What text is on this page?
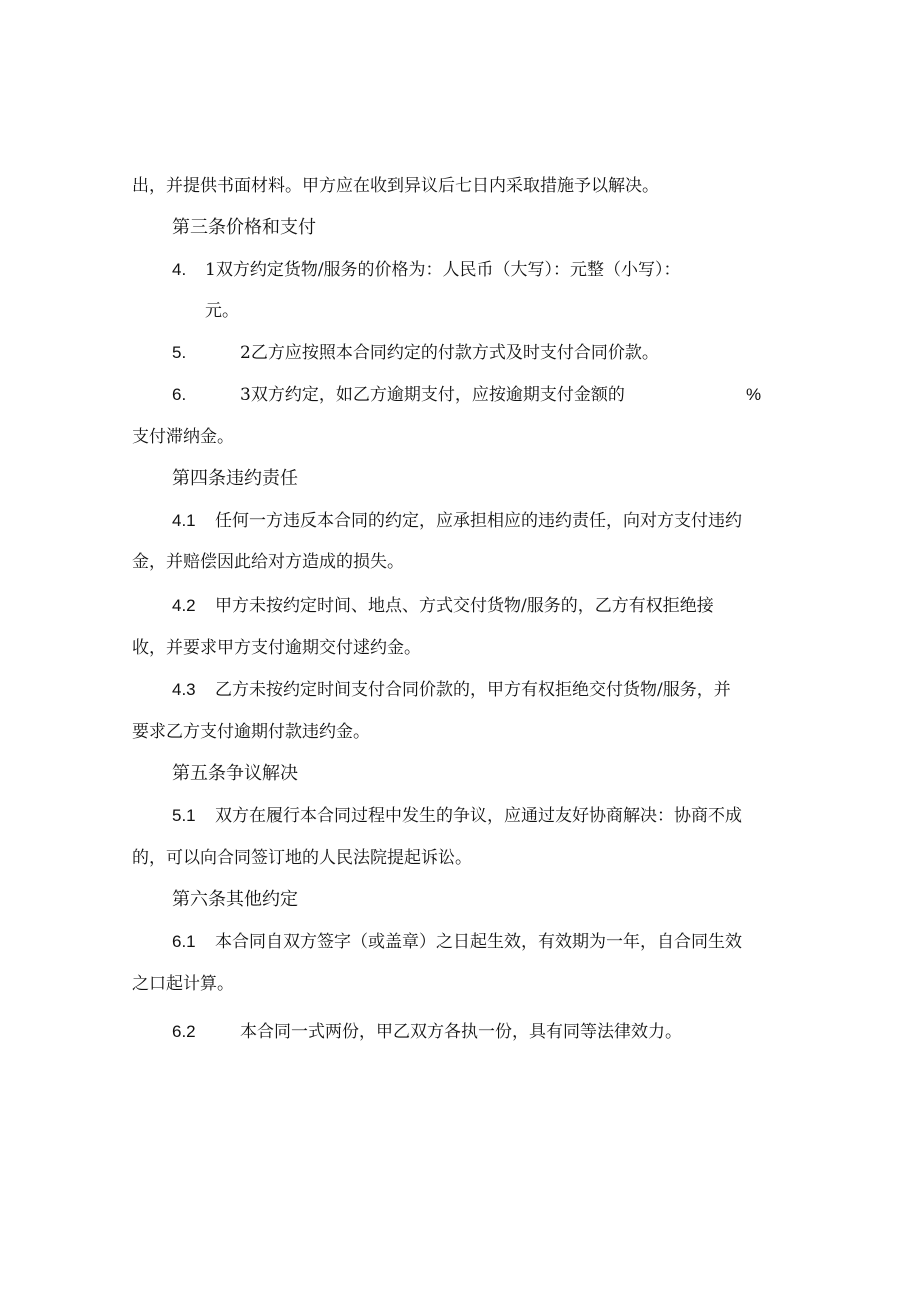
出，并提供书面材料。甲方应在收到异议后七日内采取措施予以解决。
第三条价格和支付
4. 1双方约定货物/服务的价格为：人民币（大写）：元整（小写）：
元。
5.	2乙方应按照本合同约定的付款方式及时支付合同价款。
6.	3双方约定，如乙方逾期支付，应按逾期支付金额的	%
支付滞纳金。
第四条违约责任
4.1 任何一方违反本合同的约定，应承担相应的违约责任，向对方支付违约
金，并赔偿因此给对方造成的损失。
4.2 甲方未按约定时间、地点、方式交付货物/服务的，乙方有权拒绝接
收，并要求甲方支付逾期交付逑约金。
4.3 乙方未按约定时间支付合同价款的，甲方有权拒绝交付货物/服务，并
要求乙方支付逾期付款违约金。
第五条争议解决
5.1 双方在履行本合同过程中发生的争议，应通过友好协商解决：协商不成
的，可以向合同签订地的人民法院提起诉讼。
第六条其他约定
6.1 本合同自双方签字（或盖章）之日起生效，有效期为一年，自合同生效
之口起计算。
6.2	本合同一式两份，甲乙双方各执一份，具有同等法律效力。
